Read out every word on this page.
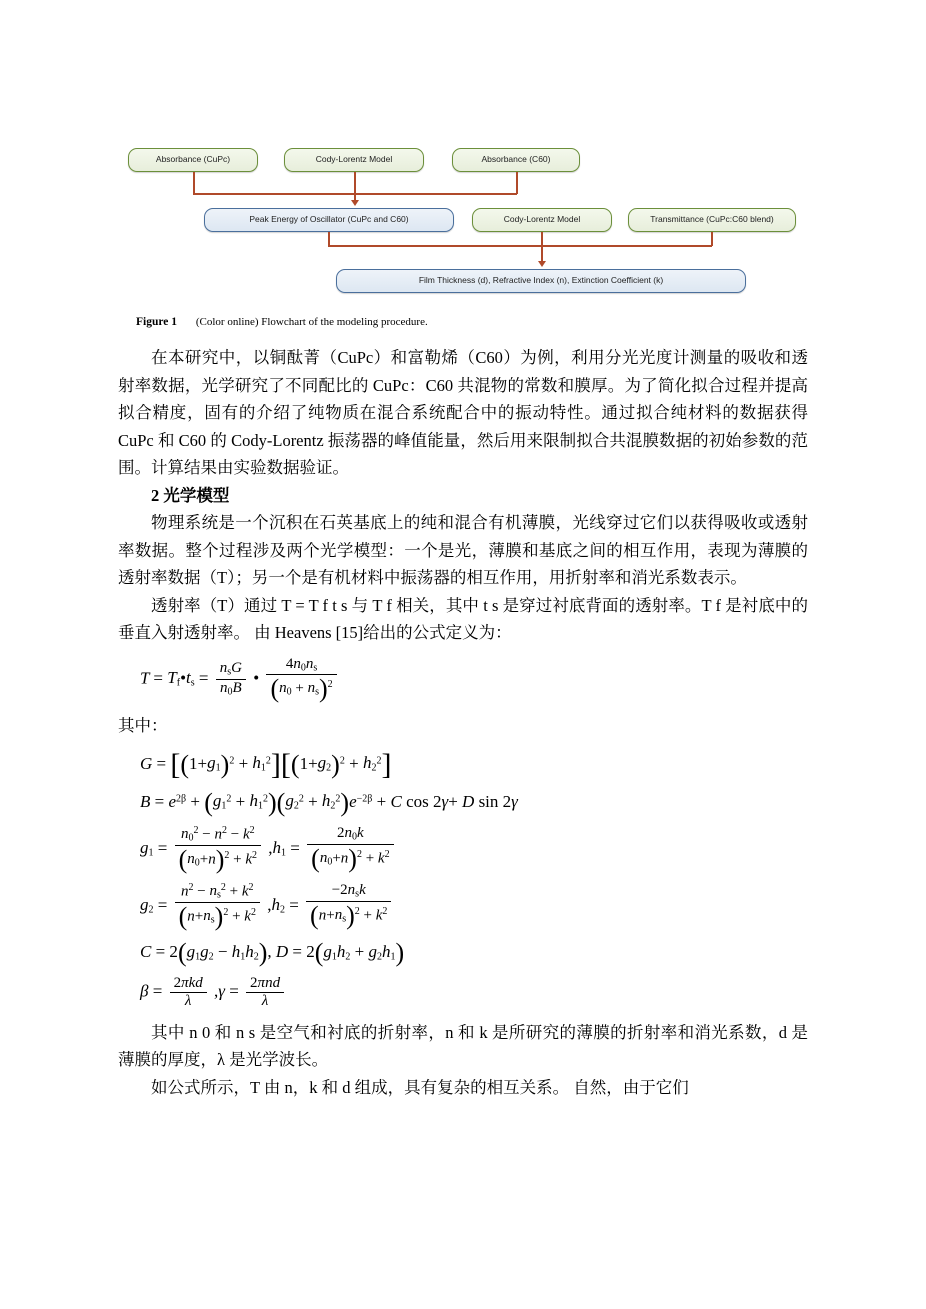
Absorbance (CuPc)	Cody-Lorentz Model	Absorbance (C60)
Peak Energy of Oscillator (CuPc and C60)	Cody-Lorentz Model	Transmittance (CuPc:C60 blend)
Film Thickness (d), Refractive Index (n), Extinction Coefficient (k)
Figure 1 (Color online) Flowchart of the modeling procedure.

在本研究中，以铜酞菁（CuPc）和富勒烯（C60）为例，利用分光光度计测量的吸收和透射率数据，光学研究了不同配比的 CuPc：C60 共混物的常数和膜厚。为了简化拟合过程并提高拟合精度，固有的介绍了纯物质在混合系统配合中的振动特性。通过拟合纯材料的数据获得 CuPc 和 C60 的 Cody-Lorentz 振荡器的峰值能量，然后用来限制拟合共混膜数据的初始参数的范围。计算结果由实验数据验证。

2 光学模型

物理系统是一个沉积在石英基底上的纯和混合有机薄膜，光线穿过它们以获得吸收或透射率数据。整个过程涉及两个光学模型：一个是光，薄膜和基底之间的相互作用，表现为薄膜的透射率数据（T）；另一个是有机材料中振荡器的相互作用，用折射率和消光系数表示。

透射率（T）通过 T = T f t s 与 T f 相关，其中 t s 是穿过衬底背面的透射率。T f 是衬底中的垂直入射透射率。 由 Heavens [15]给出的公式定义为：

$T = T_f•t_s = \frac{n_sG}{n_0B}$ • $\frac{4n_0n_s}{(n_0 + n_s)^2}$

其中：

$G = [(1+g_1)^2 + h_1^2][(1+g_2)^2 + h_2^2]$
$B = e^{2\beta} + (g_1^2 + h_1^2)(g_2^2 + h_2^2)e^{-2\beta} + C$ cos 2γ+ D sin 2γ
$g_1 = \frac{n_0^2 - n^2 - k^2}{(n_0+n)^2 + k^2} ,h_1 = \frac{2n_0k}{(n_0+n)^2 + k^2}$
$g_2 = \frac{n^2 - n_s^2 + k^2}{(n+n_s)^2 + k^2} ,h_2 = \frac{-2n_sk}{(n+n_s)^2 + k^2}$
$C = 2(g_1g_2 - h_1h_2)$, $D = 2(g_1h_2 + g_2h_1)$
$\beta = \frac{\text{2πkd}}{\lambda} ,\gamma = \frac{\text{2πnd}}{\lambda}$

其中 n 0 和 n s 是空气和衬底的折射率，n 和 k 是所研究的薄膜的折射率和消光系数，d 是薄膜的厚度，λ 是光学波长。

如公式所示，T 由 n，k 和 d 组成，具有复杂的相互关系。 自然，由于它们
